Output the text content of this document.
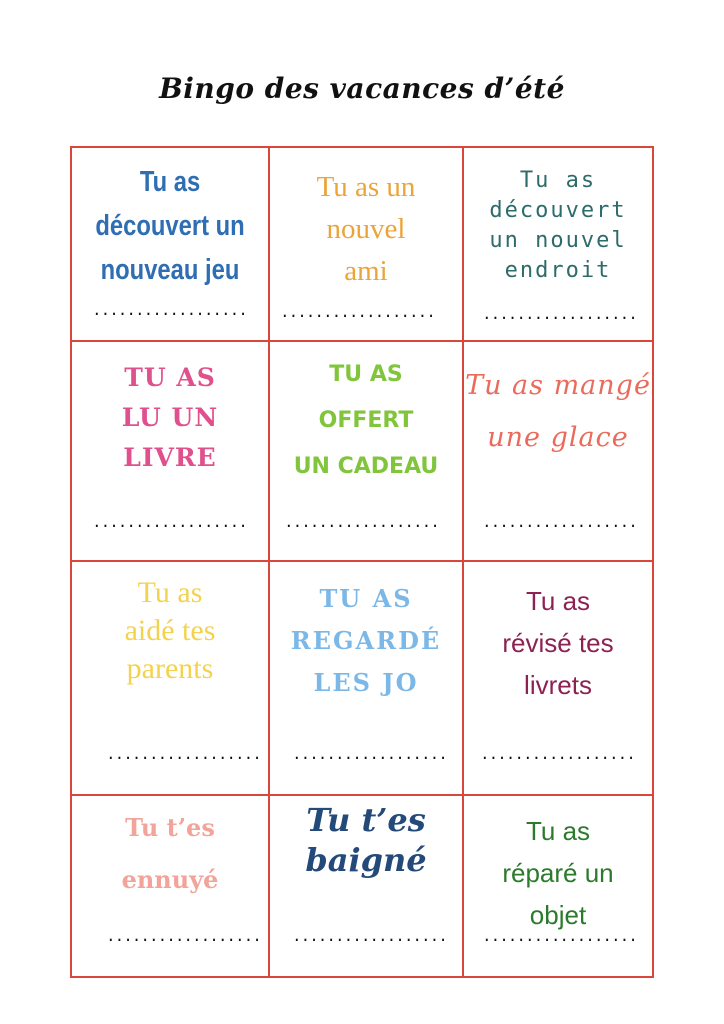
Bingo des vacances d’été
Tu as
découvert un
nouveau jeu
..................
Tu as un
nouvel
ami
..................
Tu as
découvert
un nouvel
endroit
..................
TU AS
LU UN
LIVRE
..................
TU AS
OFFERT
UN CADEAU
..................
Tu as mangé
une glace
..................
Tu as
aidé tes
parents
..................
TU AS
REGARDÉ
LES JO
..................
Tu as
révisé tes
livrets
..................
Tu t’es
ennuyé
..................
Tu t’es
baigné
..................
Tu as
réparé un
objet
..................
